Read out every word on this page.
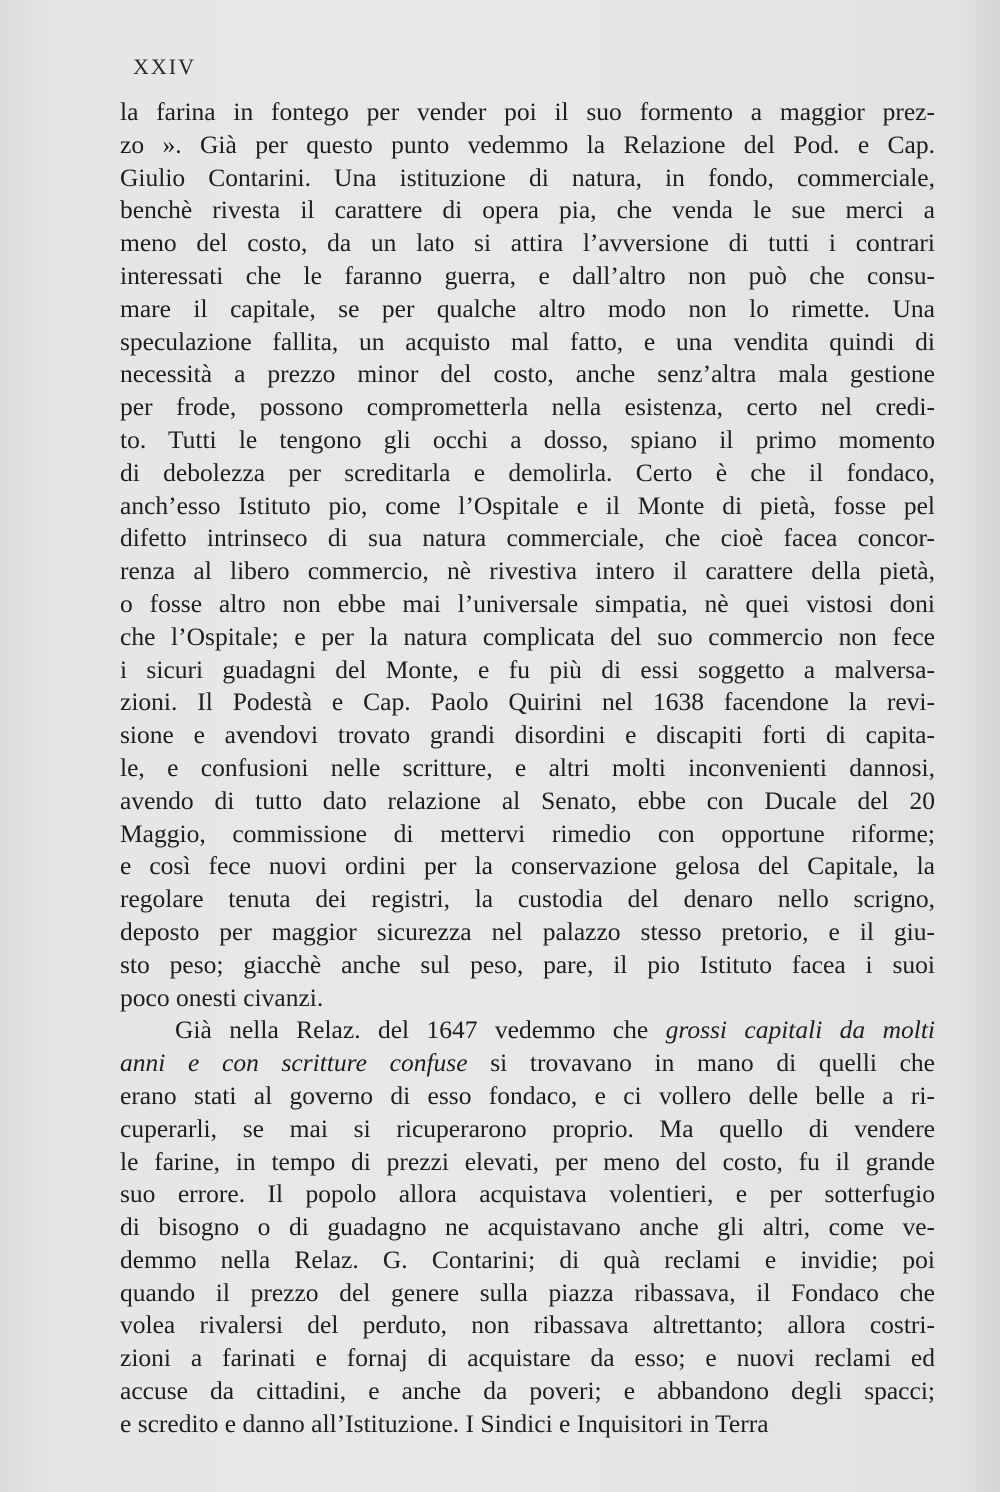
XXIV
la farina in fontego per vender poi il suo formento a maggior prez-
zo ». Già per questo punto vedemmo la Relazione del Pod. e Cap.
Giulio Contarini. Una istituzione di natura, in fondo, commerciale,
benchè rivesta il carattere di opera pia, che venda le sue merci a
meno del costo, da un lato si attira l’avversione di tutti i contrari
interessati che le faranno guerra, e dall’altro non può che consu-
mare il capitale, se per qualche altro modo non lo rimette. Una
speculazione fallita, un acquisto mal fatto, e una vendita quindi di
necessità a prezzo minor del costo, anche senz’altra mala gestione
per frode, possono comprometterla nella esistenza, certo nel credi-
to. Tutti le tengono gli occhi a dosso, spiano il primo momento
di debolezza per screditarla e demolirla. Certo è che il fondaco,
anch’esso Istituto pio, come l’Ospitale e il Monte di pietà, fosse pel
difetto intrinseco di sua natura commerciale, che cioè facea concor-
renza al libero commercio, nè rivestiva intero il carattere della pietà,
o fosse altro non ebbe mai l’universale simpatia, nè quei vistosi doni
che l’Ospitale; e per la natura complicata del suo commercio non fece
i sicuri guadagni del Monte, e fu più di essi soggetto a malversa-
zioni. Il Podestà e Cap. Paolo Quirini nel 1638 facendone la revi-
sione e avendovi trovato grandi disordini e discapiti forti di capita-
le, e confusioni nelle scritture, e altri molti inconvenienti dannosi,
avendo di tutto dato relazione al Senato, ebbe con Ducale del 20
Maggio, commissione di mettervi rimedio con opportune riforme;
e così fece nuovi ordini per la conservazione gelosa del Capitale, la
regolare tenuta dei registri, la custodia del denaro nello scrigno,
deposto per maggior sicurezza nel palazzo stesso pretorio, e il giu-
sto peso; giacchè anche sul peso, pare, il pio Istituto facea i suoi
poco onesti civanzi.
Già nella Relaz. del 1647 vedemmo che grossi capitali da molti
anni e con scritture confuse si trovavano in mano di quelli che
erano stati al governo di esso fondaco, e ci vollero delle belle a ri-
cuperarli, se mai si ricuperarono proprio. Ma quello di vendere
le farine, in tempo di prezzi elevati, per meno del costo, fu il grande
suo errore. Il popolo allora acquistava volentieri, e per sotterfugio
di bisogno o di guadagno ne acquistavano anche gli altri, come ve-
demmo nella Relaz. G. Contarini; di quà reclami e invidie; poi
quando il prezzo del genere sulla piazza ribassava, il Fondaco che
volea rivalersi del perduto, non ribassava altrettanto; allora costri-
zioni a farinati e fornaj di acquistare da esso; e nuovi reclami ed
accuse da cittadini, e anche da poveri; e abbandono degli spacci;
e scredito e danno all’Istituzione. I Sindici e Inquisitori in Terra
